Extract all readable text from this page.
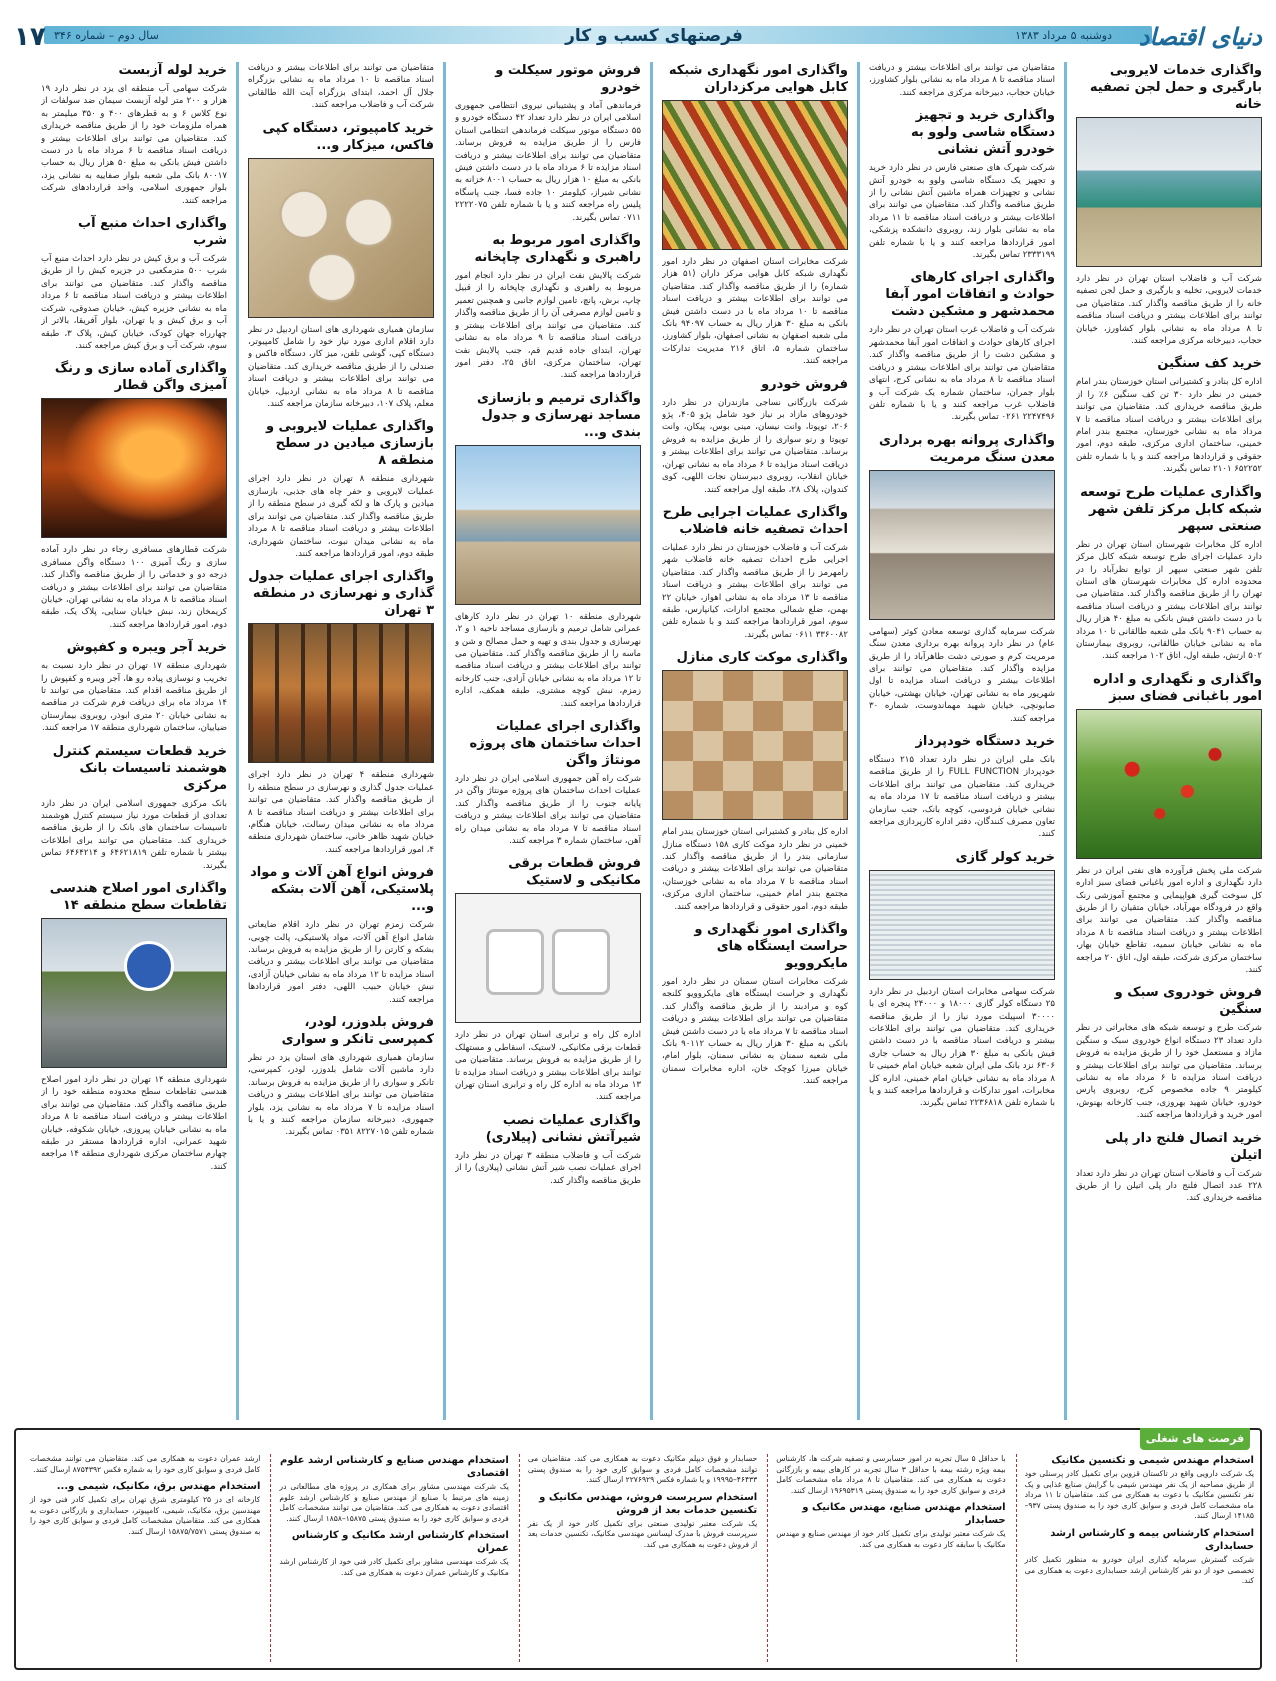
دنیای اقتصاد
دوشنبه ۵ مرداد ۱۳۸۳
فرصتهای کسب و کار
سال دوم – شماره ۳۴۶
۱۷
واگذاری خدمات لایروبی بارگیری و حمل لجن تصفیه خانه

شرکت آب و فاضلاب استان تهران در نظر دارد خدمات لایروبی، تخلیه و بارگیری و حمل لجن تصفیه خانه را از طریق مناقصه واگذار کند. متقاضیان می توانند برای اطلاعات بیشتر و دریافت اسناد مناقصه تا ۸ مرداد ماه به نشانی بلوار کشاورز، خیابان حجاب، دبیرخانه مرکزی مراجعه کنند.

خرید کف سنگین

اداره کل بنادر و کشتیرانی استان خوزستان بندر امام خمینی در نظر دارد ۳۰ تن کف سنگین ۶٪ را از طریق مناقصه خریداری کند. متقاضیان می توانند برای اطلاعات بیشتر و دریافت اسناد مناقصه تا ۷ مرداد ماه به نشانی خوزستان، مجتمع بندر امام خمینی، ساختمان اداری مرکزی، طبقه دوم، امور حقوقی و قراردادها مراجعه کنند و یا با شماره تلفن ۶۵۲۲۵۲ ۲۱۰۱ تماس بگیرند.

واگذاری عملیات طرح توسعه شبکه کابل مرکز تلفن شهر صنعتی سپهر

اداره کل مخابرات شهرستان استان تهران در نظر دارد عملیات اجرای طرح توسعه شبکه کابل مرکز تلفن شهر صنعتی سپهر از توابع نظرآباد را در محدوده اداره کل مخابرات شهرستان های استان تهران را از طریق مناقصه واگذار کند. متقاضیان می توانند برای اطلاعات بیشتر و دریافت اسناد مناقصه با در دست داشتن فیش بانکی به مبلغ ۴۰ هزار ریال به حساب ۹۰۴۱ بانک ملی شعبه طالقانی تا ۱۰ مرداد ماه به نشانی خیابان طالقانی، روبروی بیمارستان ۵۰۲ ارتش، طبقه اول، اتاق ۱۰۲ مراجعه کنند.

واگذاری و نگهداری و اداره امور باغبانی فضای سبز

شرکت ملی پخش فرآورده های نفتی ایران در نظر دارد نگهداری و اداره امور باغبانی فضای سبز اداره کل سوخت گیری هواپیمایی و مجتمع آموزشی رنک واقع در فرودگاه مهرآباد، خیابان متقیان را از طریق مناقصه واگذار کند. متقاضیان می توانند برای اطلاعات بیشتر و دریافت اسناد مناقصه تا ۸ مرداد ماه به نشانی خیابان سمیه، تقاطع خیابان بهار، ساختمان مرکزی شرکت، طبقه اول، اتاق ۲۰ مراجعه کنند.

فروش خودروی سبک و سنگین

شرکت طرح و توسعه شبکه های مخابراتی در نظر دارد تعداد ۲۳ دستگاه انواع خودروی سبک و سنگین مازاد و مستعمل خود را از طریق مزایده به فروش برساند. متقاضیان می توانند برای اطلاعات بیشتر و دریافت اسناد مزایده تا ۶ مرداد ماه به نشانی کیلومتر ۹ جاده مخصوص کرج، روبروی پارس خودرو، خیابان شهید بهروزی، جنب کارخانه بهنوش، امور خرید و قراردادها مراجعه کنند.

خرید اتصال فلنج دار پلی اتیلن

شرکت آب و فاضلاب استان تهران در نظر دارد تعداد ۲۲۸ عدد اتصال فلنج دار پلی اتیلن را از طریق مناقصه خریداری کند.

متقاضیان می توانند برای اطلاعات بیشتر و دریافت اسناد مناقصه تا ۸ مرداد ماه به نشانی بلوار کشاورز، خیابان حجاب، دبیرخانه مرکزی مراجعه کنند.

واگذاری خرید و تجهیز دستگاه شاسی ولوو به خودرو آتش نشانی

شرکت شهرک های صنعتی فارس در نظر دارد خرید و تجهیز یک دستگاه شاسی ولوو به خودرو آتش نشانی و تجهیزات همراه ماشین آتش نشانی را از طریق مناقصه واگذار کند. متقاضیان می توانند برای اطلاعات بیشتر و دریافت اسناد مناقصه تا ۱۱ مرداد ماه به نشانی بلوار زند، روبروی دانشکده پزشکی، امور قراردادها مراجعه کنند و یا با شماره تلفن ۲۳۳۳۱۹۹ تماس بگیرند.

واگذاری اجرای کارهای حوادث و اتفاقات امور آبفا محمدشهر و مشکین دشت

شرکت آب و فاضلاب غرب استان تهران در نظر دارد اجرای کارهای حوادث و اتفاقات امور آبفا محمدشهر و مشکین دشت را از طریق مناقصه واگذار کند. متقاضیان می توانند برای اطلاعات بیشتر و دریافت اسناد مناقصه تا ۸ مرداد ماه به نشانی کرج، انتهای بلوار جمران، ساختمان شماره یک شرکت آب و فاضلاب غرب مراجعه کنند و یا با شماره تلفن ۲۲۴۷۴۹۶ ۰۲۶۱ تماس بگیرند.

واگذاری پروانه بهره برداری معدن سنگ مرمریت

شرکت سرمایه گذاری توسعه معادن کوثر (سهامی عام) در نظر دارد پروانه بهره برداری معدن سنگ مرمریت کرم و صورتی دشت طاهرآباد را از طریق مزایده واگذار کند. متقاضیان می توانند برای اطلاعات بیشتر و دریافت اسناد مزایده تا اول شهریور ماه به نشانی تهران، خیابان بهشتی، خیابان صابونچی، خیابان شهید مهماندوست، شماره ۳۰ مراجعه کنند.

خرید دستگاه خودپرداز

بانک ملی ایران در نظر دارد تعداد ۲۱۵ دستگاه خودپرداز FULL FUNCTION را از طریق مناقصه خریداری کند. متقاضیان می توانند برای اطلاعات بیشتر و دریافت اسناد مناقصه تا ۱۷ مرداد ماه به نشانی خیابان فردوسی، کوچه بانک، جنب سازمان تعاون مصرف کنندگان، دفتر اداره کارپردازی مراجعه کنند.

خرید کولر گازی

شرکت سهامی مخابرات استان اردبیل در نظر دارد ۲۵ دستگاه کولر گازی ۱۸۰۰۰ و ۲۴۰۰۰ پنجره ای با ۳۰۰۰۰ اسپیلت مورد نیاز را از طریق مناقصه خریداری کند. متقاضیان می توانند برای اطلاعات بیشتر و دریافت اسناد مناقصه با در دست داشتن فیش بانکی به مبلغ ۳۰ هزار ریال به حساب جاری ۶۳۰۶ نزد بانک ملی ایران شعبه خیابان امام خمینی تا ۸ مرداد ماه به نشانی خیابان امام خمینی، اداره کل مخابرات، امور تدارکات و قراردادها مراجعه کنند و یا با شماره تلفن ۲۲۳۶۸۱۸ تماس بگیرند.

واگذاری امور نگهداری شبکه کابل هوایی مرکزداران

شرکت مخابرات استان اصفهان در نظر دارد امور نگهداری شبکه کابل هوایی مرکز داران (۵۱ هزار شماره) را از طریق مناقصه واگذار کند. متقاضیان می توانند برای اطلاعات بیشتر و دریافت اسناد مناقصه تا ۱۰ مرداد ماه با در دست داشتن فیش بانکی به مبلغ ۳۰ هزار ریال به حساب ۹۴۰۹۷ بانک ملی شعبه اصفهان به نشانی اصفهان، بلوار کشاورز، ساختمان شماره ۵، اتاق ۲۱۶ مدیریت تدارکات مراجعه کنند.

فروش خودرو

شرکت بازرگانی نساجی مازندران در نظر دارد خودروهای مازاد بر نیاز خود شامل پژو ۴۰۵، پژو ۲۰۶، تویوتا، وانت نیسان، مینی بوس، پیکان، وانت تویوتا و رنو سواری را از طریق مزایده به فروش برساند. متقاضیان می توانند برای اطلاعات بیشتر و دریافت اسناد مزایده تا ۶ مرداد ماه به نشانی تهران، خیابان انقلاب، روبروی دبیرستان نجات اللهی، کوی کندوان، پلاک ۲۸، طبقه اول مراجعه کنند.

واگذاری عملیات اجرایی طرح احداث تصفیه خانه فاضلاب

شرکت آب و فاضلاب خوزستان در نظر دارد عملیات اجرایی طرح احداث تصفیه خانه فاضلاب شهر رامهرمز را از طریق مناقصه واگذار کند. متقاضیان می توانند برای اطلاعات بیشتر و دریافت اسناد مناقصه تا ۱۳ مرداد ماه به نشانی اهواز، خیابان ۲۲ بهمن، ضلع شمالی مجتمع ادارات، کیانپارس، طبقه سوم، امور قراردادها مراجعه کنند و با شماره تلفن ۳۳۶۰۰۸۲ ۰۶۱۱ تماس بگیرند.

واگذاری موکت کاری منازل

اداره کل بنادر و کشتیرانی استان خوزستان بندر امام خمینی در نظر دارد موکت کاری ۱۵۸ دستگاه منازل سازمانی بندر را از طریق مناقصه واگذار کند. متقاضیان می توانند برای اطلاعات بیشتر و دریافت اسناد مناقصه تا ۷ مرداد ماه به نشانی خوزستان، مجتمع بندر امام خمینی، ساختمان اداری مرکزی، طبقه دوم، امور حقوقی و قراردادها مراجعه کنند.

واگذاری امور نگهداری و حراست ایستگاه های مایکروویو

شرکت مخابرات استان سمنان در نظر دارد امور نگهداری و حراست ایستگاه های مایکروویو کلنجه کوه و مرادبند را از طریق مناقصه واگذار کند. متقاضیان می توانند برای اطلاعات بیشتر و دریافت اسناد مناقصه تا ۷ مرداد ماه با در دست داشتن فیش بانکی به مبلغ ۳۰ هزار ریال به حساب ۹۰۱۱۲ بانک ملی شعبه سمنان به نشانی سمنان، بلوار امام، خیابان میرزا کوچک خان، اداره مخابرات سمنان مراجعه کنند.

فروش موتور سیکلت و خودرو

فرماندهی آماد و پشتیبانی نیروی انتظامی جمهوری اسلامی ایران در نظر دارد تعداد ۴۲ دستگاه خودرو و ۵۵ دستگاه موتور سیکلت فرماندهی انتظامی استان فارس را از طریق مزایده به فروش برساند. متقاضیان می توانند برای اطلاعات بیشتر و دریافت اسناد مزایده تا ۶ مرداد ماه با در دست داشتن فیش بانکی به مبلغ ۱۰ هزار ریال به حساب ۸۰۰۱ خزانه به نشانی شیراز، کیلومتر ۱۰ جاده فسا، جنب پاسگاه پلیس راه مراجعه کنند و یا با شماره تلفن ۲۲۲۲۰۷۵ ۰۷۱۱ تماس بگیرند.

واگذاری امور مربوط به راهبری و نگهداری چاپخانه

شرکت پالایش نفت ایران در نظر دارد انجام امور مربوط به راهبری و نگهداری چاپخانه را از قبیل چاپ، برش، پانچ، تامین لوازم جانبی و همچنین تعمیر و تامین لوازم مصرفی آن را از طریق مناقصه واگذار کند. متقاضیان می توانند برای اطلاعات بیشتر و دریافت اسناد مناقصه تا ۹ مرداد ماه به نشانی تهران، ابتدای جاده قدیم قم، جنب پالایش نفت تهران، ساختمان مرکزی، اتاق ۲۵، دفتر امور قراردادها مراجعه کنند.

واگذاری ترمیم و بازسازی مساجد نهرسازی و جدول بندی و...

شهرداری منطقه ۱۰ تهران در نظر دارد کارهای عمرانی شامل ترمیم و بازسازی مساجد ناحیه ۱ و ۲، نهرسازی و جدول بندی و تهیه و حمل مصالح و شن و ماسه را از طریق مناقصه واگذار کند. متقاضیان می توانند برای اطلاعات بیشتر و دریافت اسناد مناقصه تا ۱۲ مرداد ماه به نشانی خیابان آزادی، جنب کارخانه زمزم، نبش کوچه مشتری، طبقه همکف، اداره قراردادها مراجعه کنند.

واگذاری اجرای عملیات احداث ساختمان های پروژه مونتاژ واگن

شرکت راه آهن جمهوری اسلامی ایران در نظر دارد عملیات احداث ساختمان های پروژه مونتاژ واگن در پایانه جنوب را از طریق مناقصه واگذار کند. متقاضیان می توانند برای اطلاعات بیشتر و دریافت اسناد مناقصه تا ۷ مرداد ماه به نشانی میدان راه آهن، ساختمان شماره ۳ مراجعه کنند.

فروش قطعات برقی مکانیکی و لاستیک

اداره کل راه و ترابری استان تهران در نظر دارد قطعات برقی مکانیکی، لاستیک، اسقاطی و مستهلک را از طریق مزایده به فروش برساند. متقاضیان می توانند برای اطلاعات بیشتر و دریافت اسناد مزایده تا ۱۳ مرداد ماه به اداره کل راه و ترابری استان تهران مراجعه کنند.

واگذاری عملیات نصب شیرآتش نشانی (پیلاری)

شرکت آب و فاضلاب منطقه ۳ تهران در نظر دارد اجرای عملیات نصب شیر آتش نشانی (پیلاری) را از طریق مناقصه واگذار کند.

متقاضیان می توانند برای اطلاعات بیشتر و دریافت اسناد مناقصه تا ۱۰ مرداد ماه به نشانی بزرگراه جلال آل احمد، ابتدای بزرگراه آیت الله طالقانی شرکت آب و فاضلاب مراجعه کنند.

خرید کامپیوتر، دستگاه کپی فاکس، میزکار و...

سازمان همیاری شهرداری های استان اردبیل در نظر دارد اقلام اداری مورد نیاز خود را شامل کامپیوتر، دستگاه کپی، گوشی تلفن، میز کار، دستگاه فاکس و صندلی را از طریق مناقصه خریداری کند. متقاضیان می توانند برای اطلاعات بیشتر و دریافت اسناد مناقصه تا ۸ مرداد ماه به نشانی اردبیل، خیابان معلم، پلاک ۱۰۷، دبیرخانه سازمان مراجعه کنند.

واگذاری عملیات لایروبی و بازسازی میادین در سطح منطقه ۸

شهرداری منطقه ۸ تهران در نظر دارد اجرای عملیات لایروبی و حفر چاه های جذبی، بازسازی میادین و پارک ها و لکه گیری در سطح منطقه را از طریق مناقصه واگذار کند. متقاضیان می توانند برای اطلاعات بیشتر و دریافت اسناد مناقصه تا ۸ مرداد ماه به نشانی میدان نبوت، ساختمان شهرداری، طبقه دوم، امور قراردادها مراجعه کنند.

واگذاری اجرای عملیات جدول گذاری و نهرسازی در منطقه ۳ تهران

شهرداری منطقه ۴ تهران در نظر دارد اجرای عملیات جدول گذاری و نهرسازی در سطح منطقه را از طریق مناقصه واگذار کند. متقاضیان می توانند برای اطلاعات بیشتر و دریافت اسناد مناقصه تا ۸ مرداد ماه به نشانی میدان رسالت، خیابان هنگام، خیابان شهید ظاهر خانی، ساختمان شهرداری منطقه ۴، امور قراردادها مراجعه کنند.

فروش انواع آهن آلات و مواد پلاستیکی، آهن آلات بشکه و...

شرکت زمزم تهران در نظر دارد اقلام ضایعاتی شامل انواع آهن آلات، مواد پلاستیکی، پالت چوبی، بشکه و کارتن را از طریق مزایده به فروش برساند. متقاضیان می توانند برای اطلاعات بیشتر و دریافت اسناد مزایده تا ۱۲ مرداد ماه به نشانی خیابان آزادی، نبش خیابان حبیب اللهی، دفتر امور قراردادها مراجعه کنند.

فروش بلدوزر، لودر، کمپرسی تانکر و سواری

سازمان همیاری شهرداری های استان یزد در نظر دارد ماشین آلات شامل بلدوزر، لودر، کمپرسی، تانکر و سواری را از طریق مزایده به فروش برساند. متقاضیان می توانند برای اطلاعات بیشتر و دریافت اسناد مزایده تا ۷ مرداد ماه به نشانی یزد، بلوار جمهوری، دبیرخانه سازمان مراجعه کنند و یا با شماره تلفن ۸۲۲۷۰۱۵ ۰۳۵۱ تماس بگیرند.

خرید لوله آزبست

شرکت سهامی آب منطقه ای یزد در نظر دارد ۱۹ هزار و ۲۰۰ متر لوله آزبست سیمان ضد سولفات از نوع کلاس ۶ و به قطرهای ۴۰۰ و ۳۵۰ میلیمتر به همراه ملزومات خود را از طریق مناقصه خریداری کند. متقاضیان می توانند برای اطلاعات بیشتر و دریافت اسناد مناقصه تا ۶ مرداد ماه با در دست داشتن فیش بانکی به مبلغ ۵۰ هزار ریال به حساب ۸۰۰۱۷ بانک ملی شعبه بلوار صفاییه به نشانی یزد، بلوار جمهوری اسلامی، واحد قراردادهای شرکت مراجعه کنند.

واگذاری احداث منبع آب شرب

شرکت آب و برق کیش در نظر دارد احداث منبع آب شرب ۵۰۰ مترمکعبی در جزیره کیش را از طریق مناقصه واگذار کند. متقاضیان می توانند برای اطلاعات بیشتر و دریافت اسناد مناقصه تا ۶ مرداد ماه به نشانی جزیره کیش، خیابان صدوقی، شرکت آب و برق کیش و یا تهران، بلوار آفریقا، بالاتر از چهارراه جهان کودک، خیابان کیش، پلاک ۳، طبقه سوم، شرکت آب و برق کیش مراجعه کنند.

واگذاری آماده سازی و رنگ آمیزی واگن قطار

شرکت قطارهای مسافری رجاء در نظر دارد آماده سازی و رنگ آمیزی ۱۰۰ دستگاه واگن مسافری درجه دو و خدماتی را از طریق مناقصه واگذار کند. متقاضیان می توانند برای اطلاعات بیشتر و دریافت اسناد مناقصه تا ۸ مرداد ماه به نشانی تهران، خیابان کریمخان زند، نبش خیابان سنایی، پلاک یک، طبقه دوم، امور قراردادها مراجعه کنند.

خرید آجر ویبره و کفپوش

شهرداری منطقه ۱۷ تهران در نظر دارد نسبت به تخریب و نوسازی پیاده رو ها، آجر ویبره و کفپوش را از طریق مناقصه اقدام کند. متقاضیان می توانند تا ۱۴ مرداد ماه برای دریافت فرم شرکت در مناقصه به نشانی خیابان ۲۰ متری ابوذر، روبروی بیمارستان ضیاییان، ساختمان شهرداری منطقه ۱۷ مراجعه کنند.

خرید قطعات سیستم کنترل هوشمند تاسیسات بانک مرکزی

بانک مرکزی جمهوری اسلامی ایران در نظر دارد تعدادی از قطعات مورد نیاز سیستم کنترل هوشمند تاسیسات ساختمان های بانک را از طریق مناقصه خریداری کند. متقاضیان می توانند برای اطلاعات بیشتر با شماره تلفن ۶۴۶۲۱۸۱۹ و ۶۴۶۴۲۱۴ تماس بگیرند.

واگذاری امور اصلاح هندسی تقاطعات سطح منطقه ۱۴

شهرداری منطقه ۱۴ تهران در نظر دارد امور اصلاح هندسی تقاطعات سطح محدوده منطقه خود را از طریق مناقصه واگذار کند. متقاضیان می توانند برای اطلاعات بیشتر و دریافت اسناد مناقصه تا ۸ مرداد ماه به نشانی خیابان پیروزی، خیابان شکوفه، خیابان شهید عمرانی، اداره قراردادها مستقر در طبقه چهارم ساختمان مرکزی شهرداری منطقه ۱۴ مراجعه کنند.

فرصت های شغلی
استخدام مهندس شیمی و تکنسین مکانیک

یک شرکت دارویی واقع در تاکستان قزوین برای تکمیل کادر پرسنلی خود از طریق مصاحبه از یک نفر مهندس شیمی با گرایش صنایع غذایی و یک نفر تکنسین مکانیک با دعوت به همکاری می کند. متقاضیان تا ۱۱ مرداد ماه مشخصات کامل فردی و سوابق کاری خود را به صندوق پستی ۹۳۷–۱۴۱۸۵ ارسال کنند.

استخدام کارشناس بیمه و کارشناس ارشد حسابداری

شرکت گسترش سرمایه گذاری ایران خودرو به منظور تکمیل کادر تخصصی خود از دو نفر کارشناس ارشد حسابداری دعوت به همکاری می کند.

با حداقل ۵ سال تجربه در امور حسابرسی و تصفیه شرکت ها، کارشناس بیمه ویژه رشته بیمه با حداقل ۳ سال تجربه در کارهای بیمه و بازرگانی دعوت به همکاری می کند. متقاضیان تا ۸ مرداد ماه مشخصات کامل فردی و سوابق کاری خود را به صندوق پستی ۱۹۶۹۵۳۱۹ ارسال کنند.

استخدام مهندس صنایع، مهندس مکانیک و حسابدار

یک شرکت معتبر تولیدی برای تکمیل کادر خود از مهندس صنایع و مهندس مکانیک با سابقه کار دعوت به همکاری می کند.

حسابدار و فوق دیپلم مکانیک دعوت به همکاری می کند. متقاضیان می توانند مشخصات کامل فردی و سوابق کاری خود را به صندوق پستی ۴۶۴۳۳–۱۹۹۹۵ و یا شماره فکس ۲۲۷۶۹۲۹ ارسال کنند.

استخدام سرپرست فروش، مهندس مکانیک و تکنسین خدمات بعد از فروش

یک شرکت معتبر تولیدی صنعتی برای تکمیل کادر خود از یک نفر سرپرست فروش با مدرک لیسانس مهندسی مکانیک، تکنسین خدمات بعد از فروش دعوت به همکاری می کند.

استخدام مهندس صنایع و کارشناس ارشد علوم اقتصادی

یک شرکت مهندسی مشاور برای همکاری در پروژه های مطالعاتی در زمینه های مرتبط با صنایع از مهندس صنایع و کارشناس ارشد علوم اقتصادی دعوت به همکاری می کند. متقاضیان می توانند مشخصات کامل فردی و سوابق کاری خود را به صندوق پستی ۱۵۸۷۵–۱۸۵۸ ارسال کنند.

استخدام کارشناس ارشد مکانیک و کارشناس عمران

یک شرکت مهندسی مشاور برای تکمیل کادر فنی خود از کارشناس ارشد مکانیک و کارشناس عمران دعوت به همکاری می کند.

ارشد عمران دعوت به همکاری می کند. متقاضیان می توانند مشخصات کامل فردی و سوابق کاری خود را به شماره فکس ۸۷۵۴۳۹۲ ارسال کنند.

استخدام مهندس برق، مکانیک، شیمی و...

کارخانه ای در ۲۵ کیلومتری شرق تهران برای تکمیل کادر فنی خود از مهندسین برق، مکانیک، شیمی، کامپیوتر، حسابداری و بازرگانی دعوت به همکاری می کند. متقاضیان مشخصات کامل فردی و سوابق کاری خود را به صندوق پستی ۱۵۸۷۵/۷۵۷۱ ارسال کنند.
